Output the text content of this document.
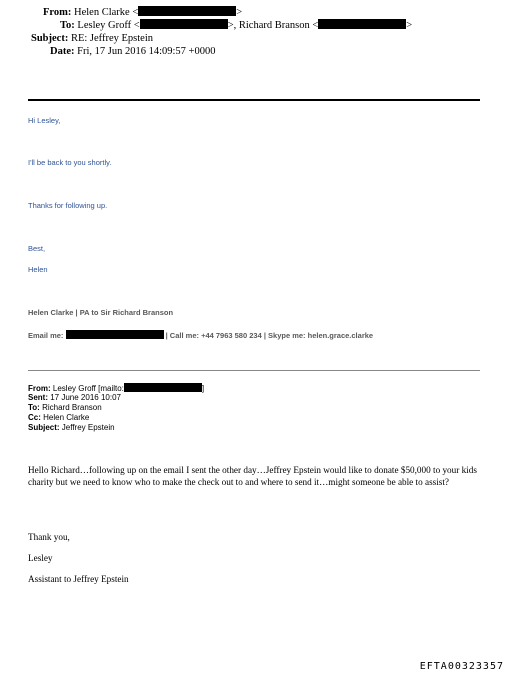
From: Helen Clarke <	>
To: Lesley Groff <	>, Richard Branson <	>
Subject: RE: Jeffrey Epstein
Date: Fri, 17 Jun 2016 14:09:57 +0000
Hi Lesley,
I'll be back to you shortly.
Thanks for following up.
Best,
Helen
Helen Clarke | PA to Sir Richard Branson
Email me:	| Call me: +44 7963 580 234 | Skype me: helen.grace.clarke
From: Lesley Groff [mailto:	]
Sent: 17 June 2016 10:07
To: Richard Branson
Cc: Helen Clarke
Subject: Jeffrey Epstein
Hello Richard…following up on the email I sent the other day…Jeffrey Epstein would like to donate $50,000 to your kids charity but we need to know who to make the check out to and where to send it…might someone be able to assist?
Thank you,
Lesley
Assistant to Jeffrey Epstein
EFTA00323357
